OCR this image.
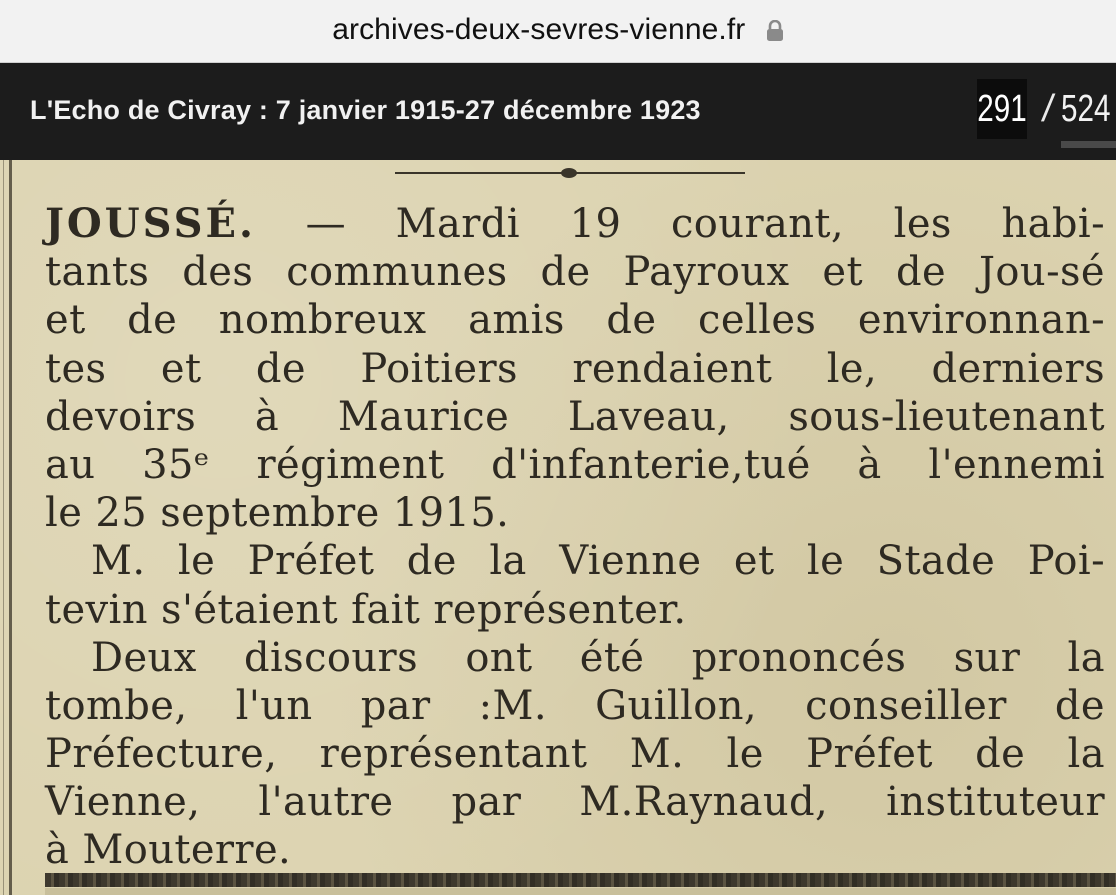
archives-deux-sevres-vienne.fr
L'Echo de Civray : 7 janvier 1915-27 décembre 1923	291 / 524
JOUSSÉ. — Mardi 19 courant, les habi-
tants des communes de Payroux et de Jou-sé
et de nombreux amis de celles environnan-
tes et de Poitiers rendaient le, derniers
devoirs à Maurice Laveau, sous-lieutenant
au 35ᵉ régiment d'infanterie,tué à l'ennemi
le 25 septembre 1915.
M. le Préfet de la Vienne et le Stade Poi-
tevin s'étaient fait représenter.
Deux discours ont été prononcés sur la
tombe, l'un par :M. Guillon, conseiller de
Préfecture, représentant M. le Préfet de la
Vienne, l'autre par M.Raynaud, instituteur
à Mouterre.
